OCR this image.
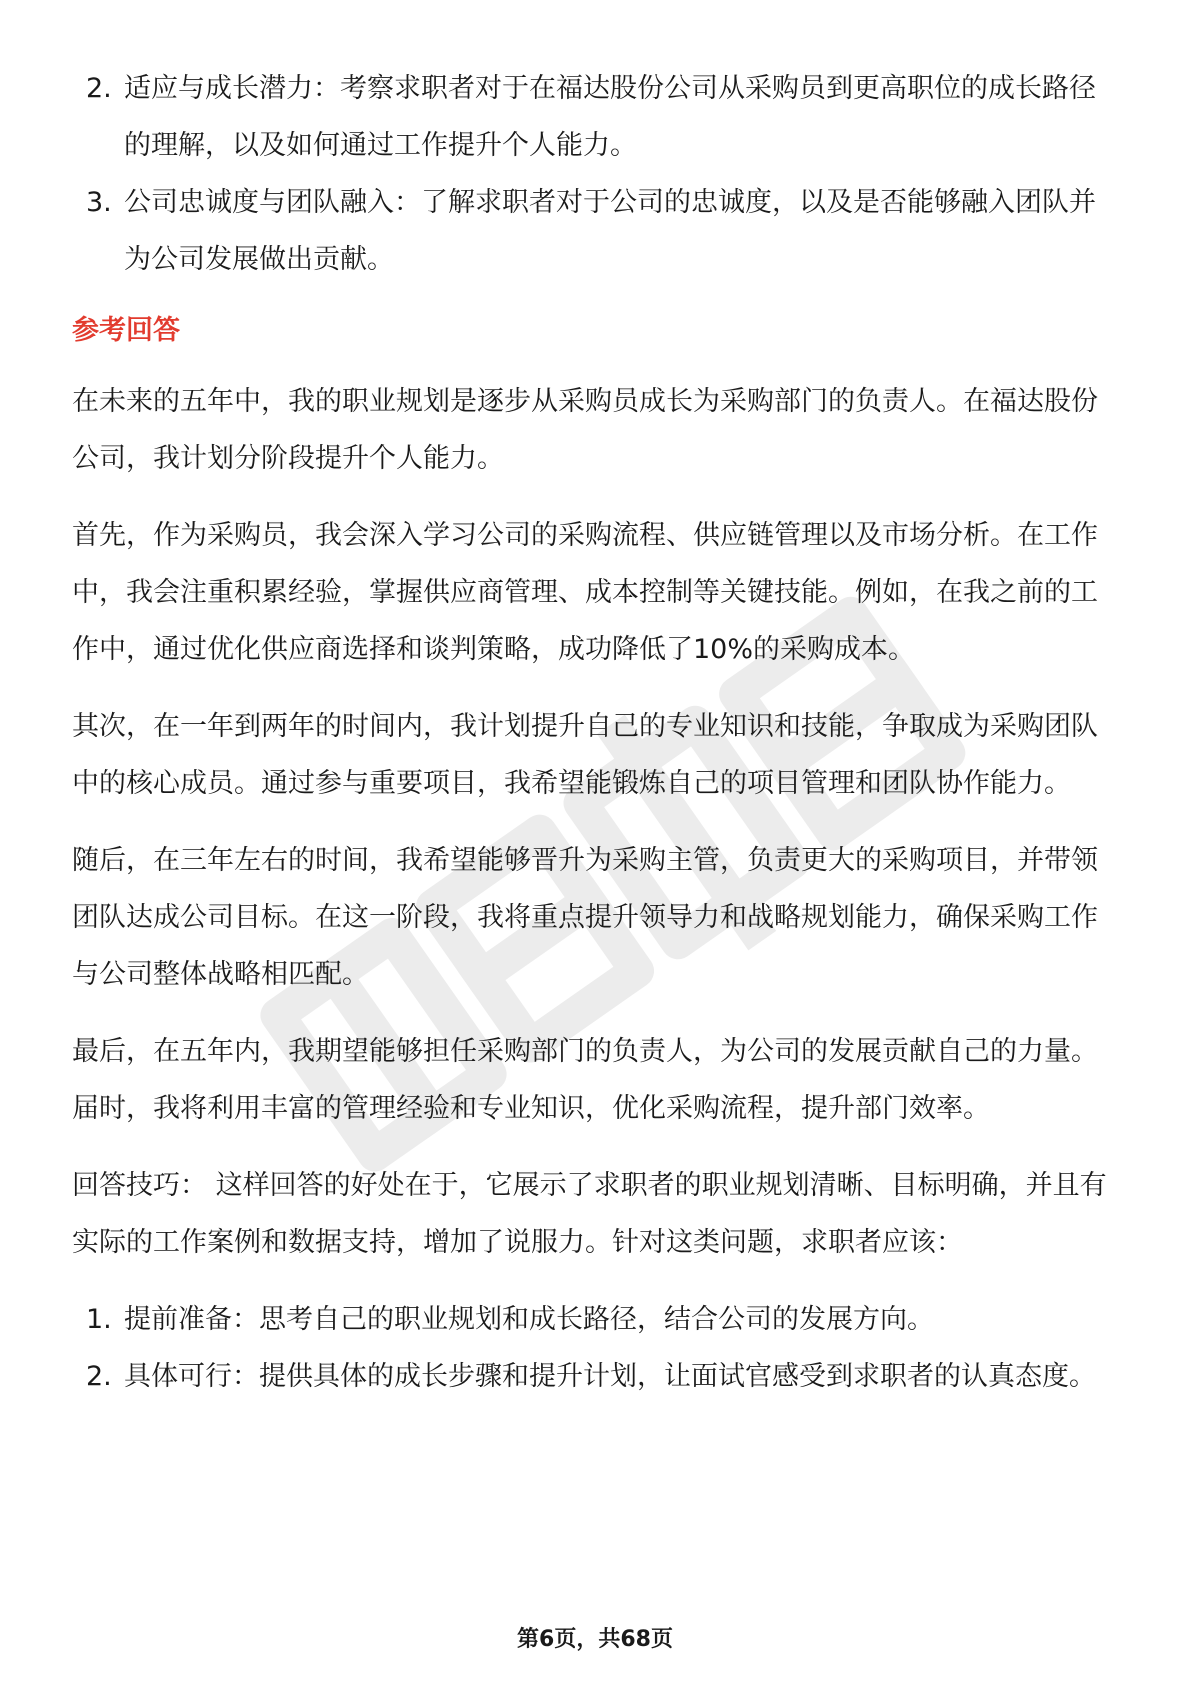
2. 适应与成长潜力：考察求职者对于在福达股份公司从采购员到更高职位的成长路径的理解，以及如何通过工作提升个人能力。
3. 公司忠诚度与团队融入：了解求职者对于公司的忠诚度，以及是否能够融入团队并为公司发展做出贡献。

参考回答

在未来的五年中，我的职业规划是逐步从采购员成长为采购部门的负责人。在福达股份公司，我计划分阶段提升个人能力。

首先，作为采购员，我会深入学习公司的采购流程、供应链管理以及市场分析。在工作中，我会注重积累经验，掌握供应商管理、成本控制等关键技能。例如，在我之前的工作中，通过优化供应商选择和谈判策略，成功降低了10%的采购成本。

其次，在一年到两年的时间内，我计划提升自己的专业知识和技能，争取成为采购团队中的核心成员。通过参与重要项目，我希望能锻炼自己的项目管理和团队协作能力。

随后，在三年左右的时间，我希望能够晋升为采购主管，负责更大的采购项目，并带领团队达成公司目标。在这一阶段，我将重点提升领导力和战略规划能力，确保采购工作与公司整体战略相匹配。

最后，在五年内，我期望能够担任采购部门的负责人，为公司的发展贡献自己的力量。届时，我将利用丰富的管理经验和专业知识，优化采购流程，提升部门效率。

回答技巧： 这样回答的好处在于，它展示了求职者的职业规划清晰、目标明确，并且有实际的工作案例和数据支持，增加了说服力。针对这类问题，求职者应该：

1. 提前准备：思考自己的职业规划和成长路径，结合公司的发展方向。
2. 具体可行：提供具体的成长步骤和提升计划，让面试官感受到求职者的认真态度。
第6页，共68页
